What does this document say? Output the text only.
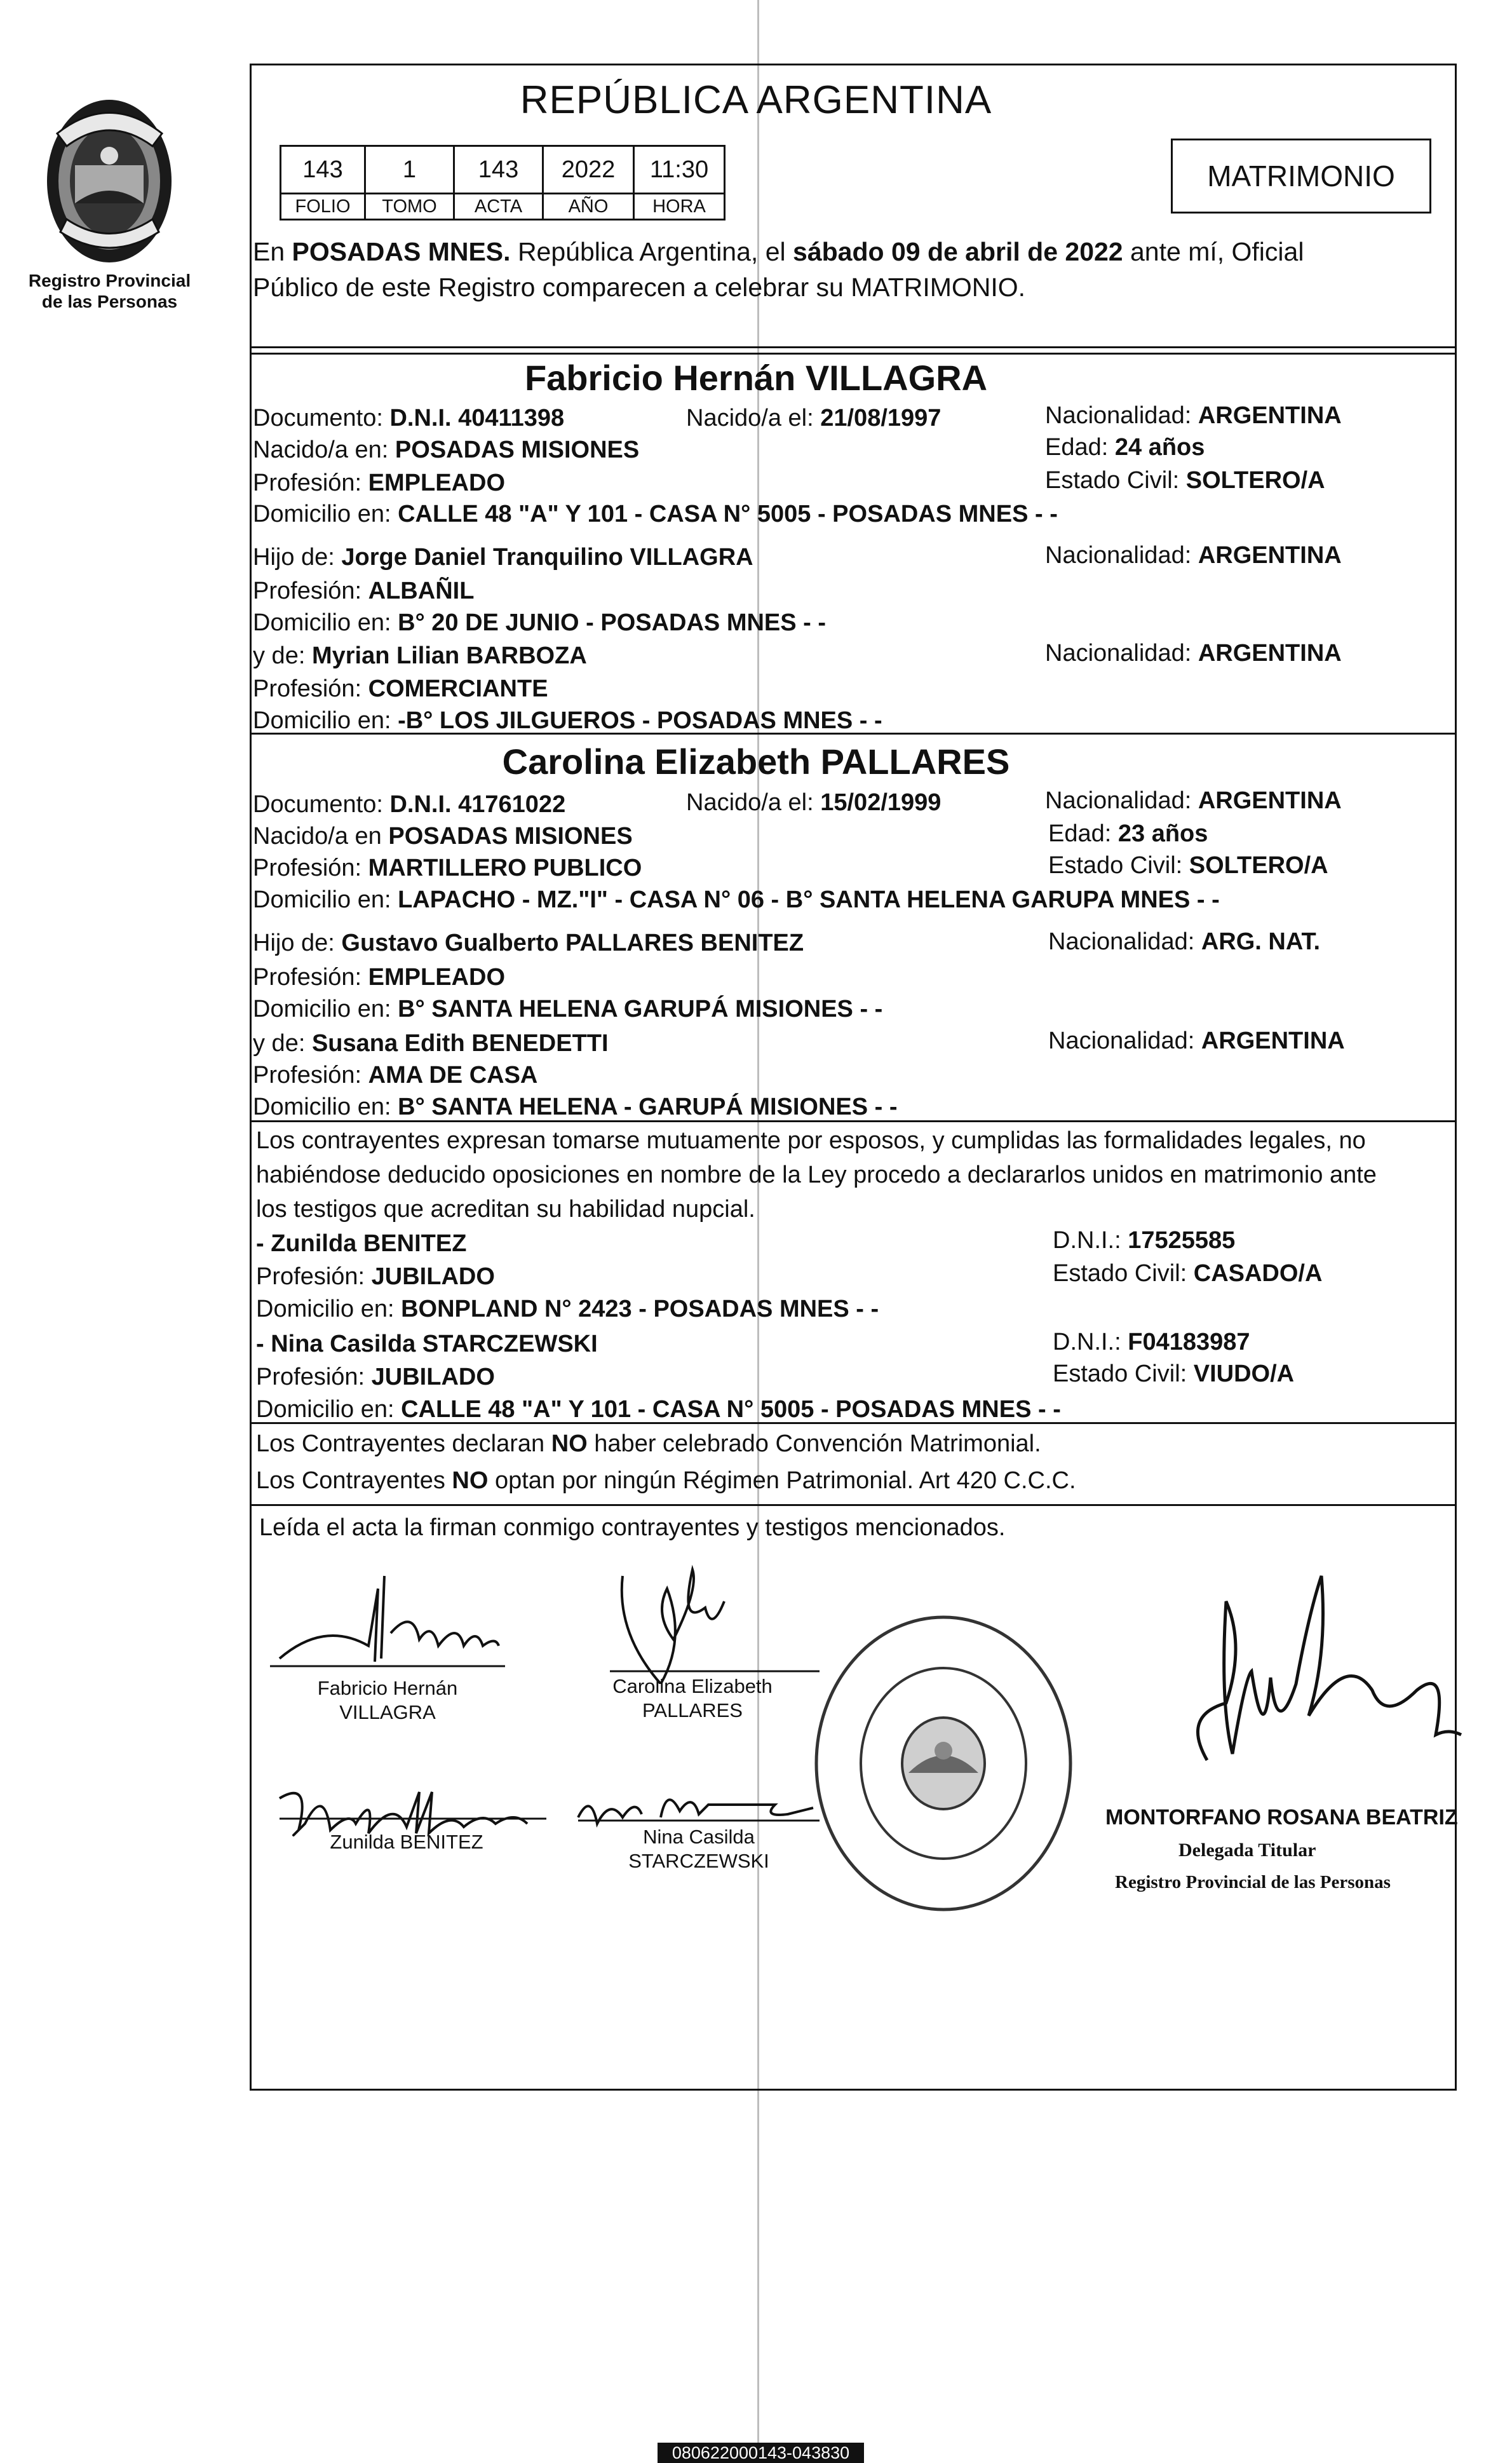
Registro Provincial
de las Personas
REPÚBLICA ARGENTINA
143	1	143	2022	11:30
FOLIO	TOMO	ACTA	AÑO	HORA
MATRIMONIO
En POSADAS MNES. República Argentina, el sábado 09 de abril de 2022 ante mí, Oficial
Público de este Registro comparecen a celebrar su MATRIMONIO.
Fabricio Hernán VILLAGRA
Documento: D.N.I. 40411398	Nacido/a el: 21/08/1997	Nacionalidad: ARGENTINA
Nacido/a en: POSADAS MISIONES	Edad: 24 años
Profesión: EMPLEADO	Estado Civil: SOLTERO/A
Domicilio en: CALLE 48 "A" Y 101 - CASA N° 5005 - POSADAS MNES - -
Hijo de: Jorge Daniel Tranquilino VILLAGRA	Nacionalidad: ARGENTINA
Profesión: ALBAÑIL
Domicilio en: B° 20 DE JUNIO - POSADAS MNES - -
y de: Myrian Lilian BARBOZA	Nacionalidad: ARGENTINA
Profesión: COMERCIANTE
Domicilio en: -B° LOS JILGUEROS - POSADAS MNES - -
Carolina Elizabeth PALLARES
Documento: D.N.I. 41761022	Nacido/a el: 15/02/1999	Nacionalidad: ARGENTINA
Nacido/a en POSADAS MISIONES	Edad: 23 años
Profesión: MARTILLERO PUBLICO	Estado Civil: SOLTERO/A
Domicilio en: LAPACHO - MZ."I" - CASA N° 06 - B° SANTA HELENA GARUPA MNES - -
Hijo de: Gustavo Gualberto PALLARES BENITEZ	Nacionalidad: ARG. NAT.
Profesión: EMPLEADO
Domicilio en: B° SANTA HELENA GARUPÁ MISIONES - -
y de: Susana Edith BENEDETTI	Nacionalidad: ARGENTINA
Profesión: AMA DE CASA
Domicilio en: B° SANTA HELENA - GARUPÁ MISIONES - -
Los contrayentes expresan tomarse mutuamente por esposos, y cumplidas las formalidades legales, no
habiéndose deducido oposiciones en nombre de la Ley procedo a declararlos unidos en matrimonio ante
los testigos que acreditan su habilidad nupcial.
- Zunilda BENITEZ	D.N.I.: 17525585
Profesión: JUBILADO	Estado Civil: CASADO/A
Domicilio en: BONPLAND N° 2423 - POSADAS MNES - -
- Nina Casilda STARCZEWSKI	D.N.I.: F04183987
Profesión: JUBILADO	Estado Civil: VIUDO/A
Domicilio en: CALLE 48 "A" Y 101 - CASA N° 5005 - POSADAS MNES - -
Los Contrayentes declaran NO haber celebrado Convención Matrimonial.
Los Contrayentes NO optan por ningún Régimen Patrimonial. Art 420 C.C.C.
Leída el acta la firman conmigo contrayentes y testigos mencionados.
Fabricio Hernán VILLAGRA
Carolina Elizabeth
PALLARES
Zunilda BENITEZ	Nina Casilda
STARCZEWSKI
MONTORFANO ROSANA BEATRIZ
Delegada Titular
Registro Provincial de las Personas
080622000143-043830
